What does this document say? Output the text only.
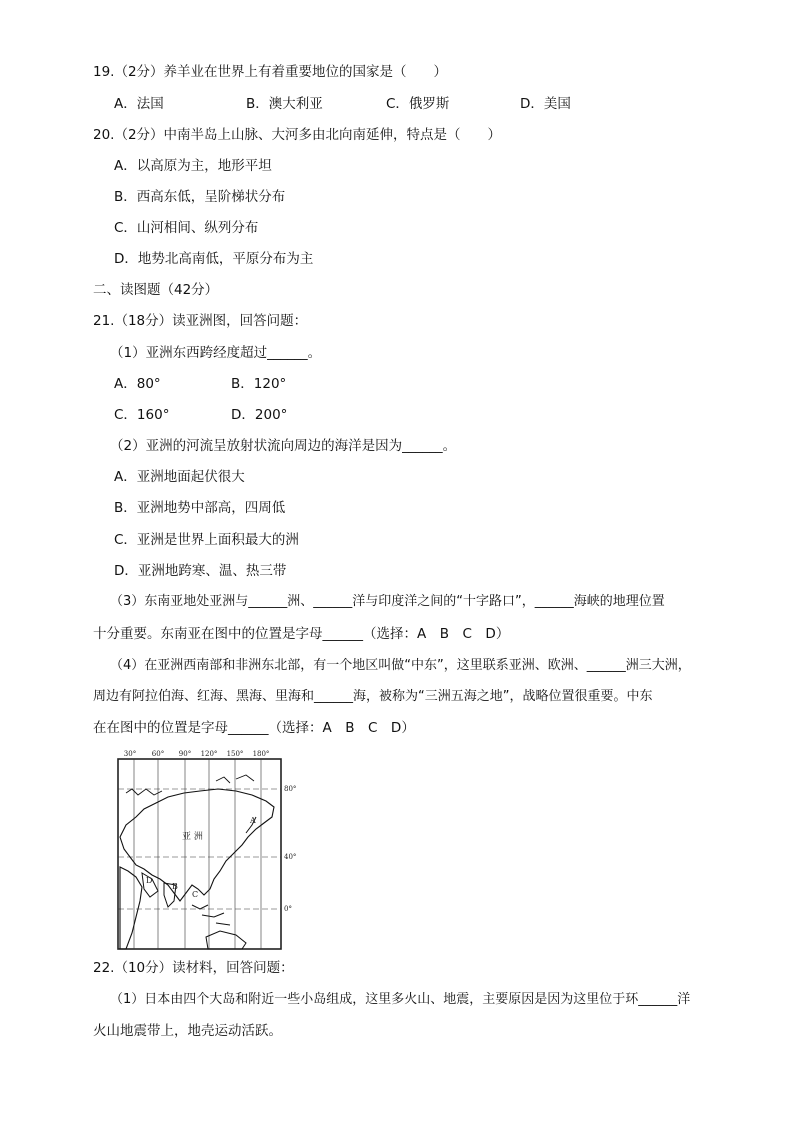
19.（2分）养羊业在世界上有着重要地位的国家是（　　）
A．法国	B．澳大利亚	C．俄罗斯	D．美国
20.（2分）中南半岛上山脉、大河多由北向南延伸，特点是（　　）
A．以高原为主，地形平坦
B．西高东低，呈阶梯状分布
C．山河相间、纵列分布
D．地势北高南低，平原分布为主
二、读图题（42分）
21.（18分）读亚洲图，回答问题：
（1）亚洲东西跨经度超过______。
A．80°	B．120°
C．160°	D．200°
（2）亚洲的河流呈放射状流向周边的海洋是因为______。
A．亚洲地面起伏很大
B．亚洲地势中部高，四周低
C．亚洲是世界上面积最大的洲
D．亚洲地跨寒、温、热三带
（3）东南亚地处亚洲与______洲、______洋与印度洋之间的“十字路口”，______海峡的地理位置
十分重要。东南亚在图中的位置是字母______（选择：A　B　C　D）
（4）在亚洲西南部和非洲东北部，有一个地区叫做“中东”，这里联系亚洲、欧洲、______洲三大洲，
周边有阿拉伯海、红海、黑海、里海和______海，被称为“三洲五海之地”，战略位置很重要。中东
在在图中的位置是字母______（选择：A　B　C　D）
30° 60° 90° 120° 150° 180°
80°
40°
0°
亚 洲
A
B
C
D
22.（10分）读材料，回答问题：
（1）日本由四个大岛和附近一些小岛组成，这里多火山、地震，主要原因是因为这里位于环______洋
火山地震带上，地壳运动活跃。
